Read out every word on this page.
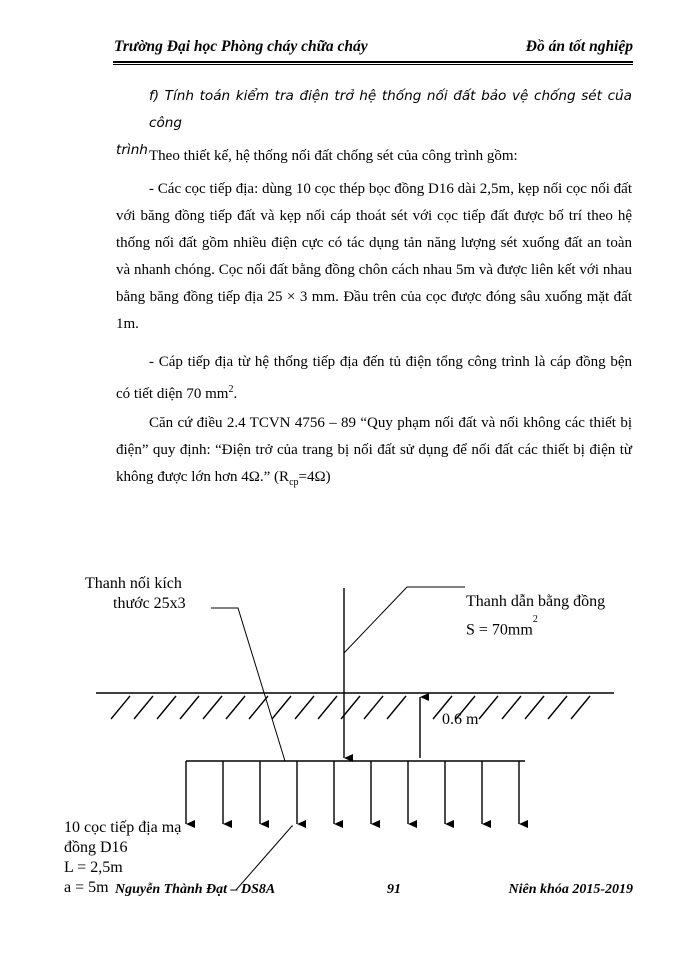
Trường Đại học Phòng cháy chữa cháy	Đồ án tốt nghiệp
f) Tính toán kiểm tra điện trở hệ thống nối đất bảo vệ chống sét của công
trình Theo thiết kế, hệ thống nối đất chống sét của công trình gồm:
- Các cọc tiếp địa: dùng 10 cọc thép bọc đồng D16 dài 2,5m, kẹp nối cọc nối đất với băng đồng tiếp đất và kẹp nối cáp thoát sét với cọc tiếp đất được bố trí theo hệ thống nối đất gồm nhiều điện cực có tác dụng tản năng lượng sét xuống đất an toàn và nhanh chóng. Cọc nối đất bằng đồng chôn cách nhau 5m và được liên kết với nhau bằng băng đồng tiếp địa 25 × 3 mm. Đầu trên của cọc được đóng sâu xuống mặt đất 1m.
- Cáp tiếp địa từ hệ thống tiếp địa đến tủ điện tổng công trình là cáp đồng bện có tiết diện 70 $mm^2$.
Căn cứ điều 2.4 TCVN 4756 – 89 “Quy phạm nối đất và nối không các thiết bị điện” quy định: “Điện trở của trang bị nối đất sử dụng để nối đất các thiết bị điện từ không được lớn hơn 4Ω.” $(R_{cp}=4\Omega)$
Thanh nối kích
thước 25x3	Thanh dẫn bằng đồng
$S = 70mm^2$
0.6 m
10 cọc tiếp địa mạ
đồng D16
L = 2,5m
a = 5m Nguyễn Thành Đạt – DS8A	91	Niên khóa 2015-2019
